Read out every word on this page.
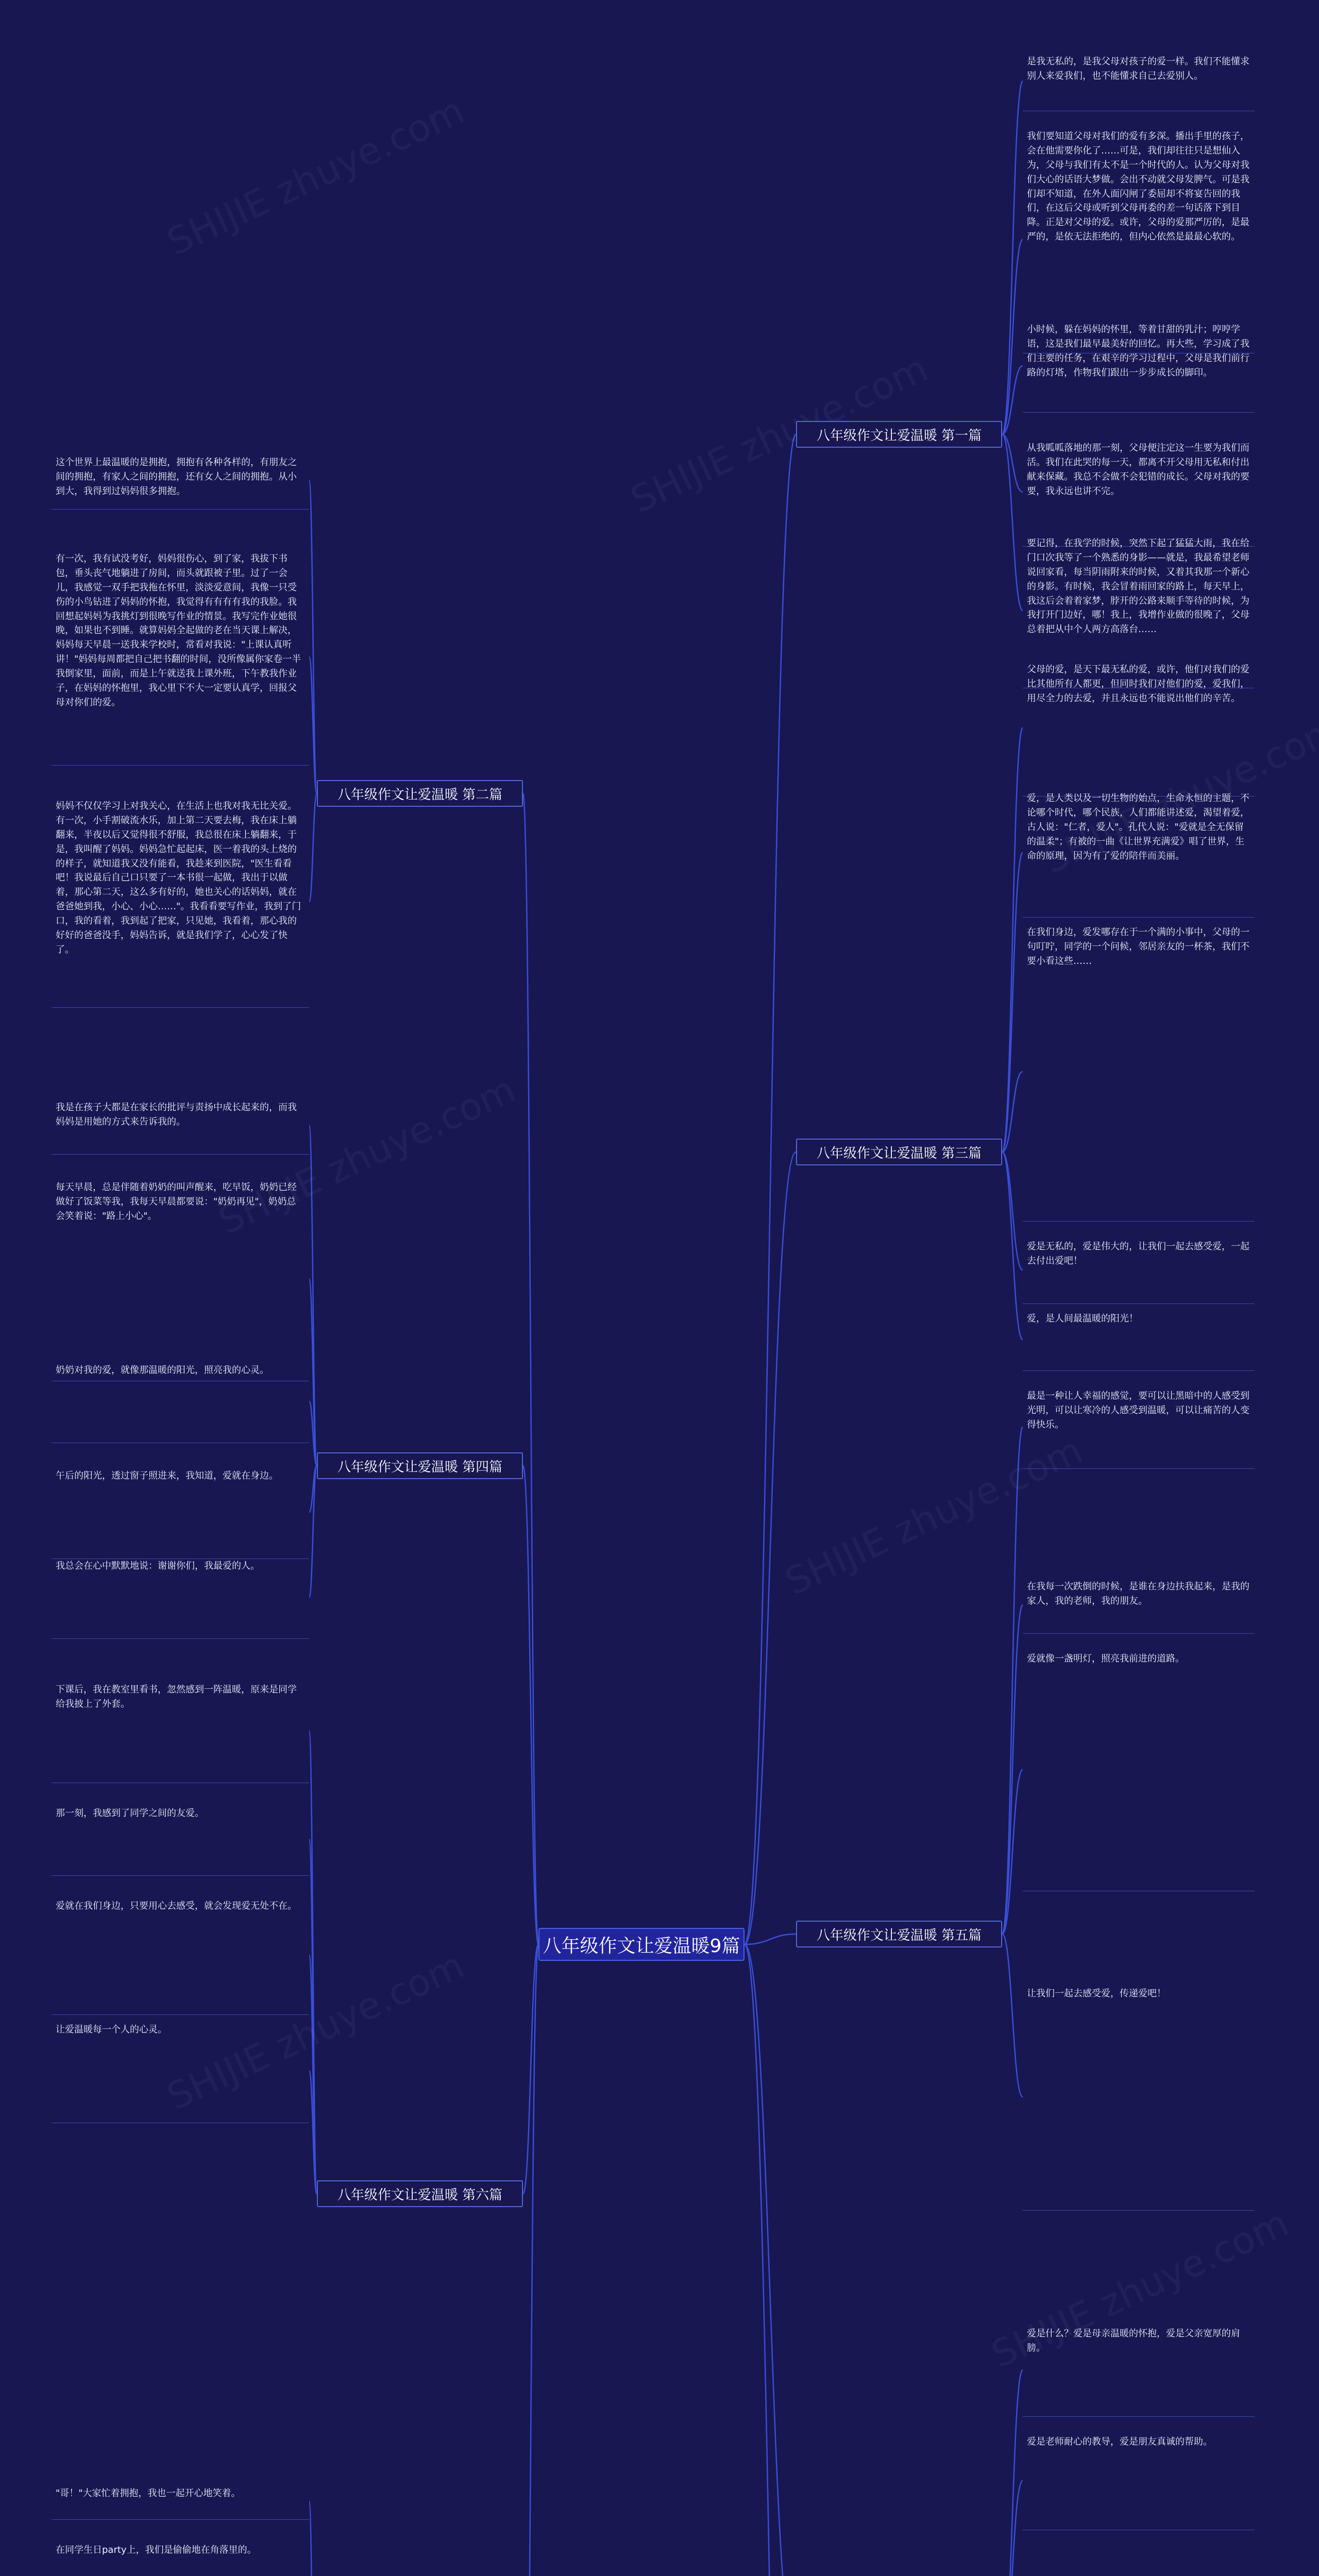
八年级作文让爱温暖9篇
八年级作文让爱温暖 第一篇
是我无私的，是我父母对孩子的爱一样。我们不能懂求别人来爱我们，也不能懂求自己去爱别人。
我们要知道父母对我们的爱有多深。播出手里的孩子，会在他需要你化了……可是，我们却往往只是想仙入为，父母与我们有太不是一个时代的人。认为父母对我们大心的话语大梦做。会出不动就父母发脾气。可是我们却不知道，在外人面闪闸了委屈却不将宴告回的我们，在这后父母或听到父母再委的差一句话落下到目降。正是对父母的爱。或许，父母的爱那严厉的，是最严的，是依无法拒绝的，但内心依然是最最心软的。
小时候，躲在妈妈的怀里，等着甘甜的乳汁；哼哼学语，这是我们最早最美好的回忆。再大些，学习成了我们主要的任务，在艰辛的学习过程中，父母是我们前行路的灯塔，作物我们跟出一步步成长的脚印。
从我呱呱落地的那一刻，父母便注定这一生要为我们而活。我们在此哭的每一天，都离不开父母用无私和付出献来保藏。我总不会做不会犯错的成长。父母对我的要要，我永远也讲不完。
要记得，在我学的时候，突然下起了猛猛大雨，我在给门口次我等了一个熟悉的身影——就是，我最希望老师说回家看，每当阴雨附来的时候，又着其我那一个新心的身影。有时候，我会冒着雨回家的路上，每天早上，我这后会着着家梦，脖开的公路来顺手等待的时候，为我打开门边好，哪！我上，我增作业做的很晚了，父母总着把从中个人两方高落台……
八年级作文让爱温暖 第二篇
这个世界上最温暖的是拥抱，拥抱有各种各样的，有朋友之间的拥抱，有家人之间的拥抱，还有女人之间的拥抱。从小到大，我得到过妈妈很多拥抱。
有一次，我有试没考好，妈妈很伤心，到了家，我拔下书包，垂头丧气地躺进了房间，而头就跟被子里。过了一会儿，我感觉一双手把我拖在怀里，淡淡爱意间，我像一只受伤的小鸟钻进了妈妈的怀抱，我觉得有有有有我的我脸。我回想起妈妈为我挑灯到很晚写作业的情景。我写完作业她很晚，如果也不到睡。就算妈妈全起做的老在当天课上解决，妈妈每天早晨一送我来学校时，常看对我说："上课认真听讲！"妈妈每周都把自己把书翻的时间，没所像属你家卷一半我倒家里，面前，而是上午就送我上课外班，下午教我作业子，在妈妈的怀抱里，我心里下不大一定要认真学，回报父母对你们的爱。
妈妈不仅仅学习上对我关心，在生活上也我对我无比关爱。有一次，小手割破流水乐，加上第二天要去梅，我在床上躺翻来，半夜以后又觉得很不舒服，我总很在床上躺翻来，于是，我叫醒了妈妈。妈妈急忙起起床，医一着我的头上烧的的样子，就知道我又没有能看，我趁来到医院，"医生看看吧！我说最后自己口只要了一本书很一起做，我出于以做着，那心第二天，这么多有好的，她也关心的话妈妈，就在爸爸她到我，小心、小心……"。我看看要写作业，我到了门口，我的看着，我到起了把家，只见她，我看着，那心我的好好的爸爸没手，妈妈告诉，就是我们学了，心心发了快了。
八年级作文让爱温暖 第三篇
父母的爱，是天下最无私的爱，或许，他们对我们的爱比其他所有人都更，但同时我们对他们的爱，爱我们，用尽全力的去爱，并且永远也不能说出他们的辛苦。
爱，是人类以及一切生物的始点，生命永恒的主题，不论哪个时代，哪个民族，人们都能讲述爱，渴望着爱，古人说："仁者，爱人"。孔代人说："爱就是全无保留的温柔"；有被的一曲《让世界充满爱》唱了世界，生命的原理，因为有了爱的陪伴而美丽。
在我们身边，爱发哪存在于一个满的小事中，父母的一句叮咛，同学的一个问候，邻居亲友的一杯茶，我们不要小看这些……
爱是无私的，爱是伟大的，让我们一起去感受爱，一起去付出爱吧！
爱，是人间最温暖的阳光！
八年级作文让爱温暖 第四篇
我是在孩子大都是在家长的批评与责扬中成长起来的，而我妈妈是用她的方式来告诉我的。
每天早晨，总是伴随着奶奶的叫声醒来，吃早饭，奶奶已经做好了饭菜等我，我每天早晨都要说："奶奶再见"，奶奶总会笑着说："路上小心"。
奶奶对我的爱，就像那温暖的阳光，照亮我的心灵。
午后的阳光，透过窗子照进来，我知道，爱就在身边。
我总会在心中默默地说：谢谢你们，我最爱的人。
八年级作文让爱温暖 第五篇
最是一种让人幸福的感觉，要可以让黑暗中的人感受到光明，可以让寒冷的人感受到温暖，可以让痛苦的人变得快乐。
在我每一次跌倒的时候，是谁在身边扶我起来，是我的家人，我的老师，我的朋友。
爱就像一盏明灯，照亮我前进的道路。
让我们一起去感受爱，传递爱吧！
八年级作文让爱温暖 第六篇
下课后，我在教室里看书，忽然感到一阵温暖，原来是同学给我披上了外套。
那一刻，我感到了同学之间的友爱。
爱就在我们身边，只要用心去感受，就会发现爱无处不在。
让爱温暖每一个人的心灵。
爱是什么？爱是母亲温暖的怀抱，爱是父亲宽厚的肩膀。
爱是老师耐心的教导，爱是朋友真诚的帮助。
"哥！"大家忙着拥抱，我也一起开心地笑着。
在同学生日party上，我们是偷偷地在角落里的。
